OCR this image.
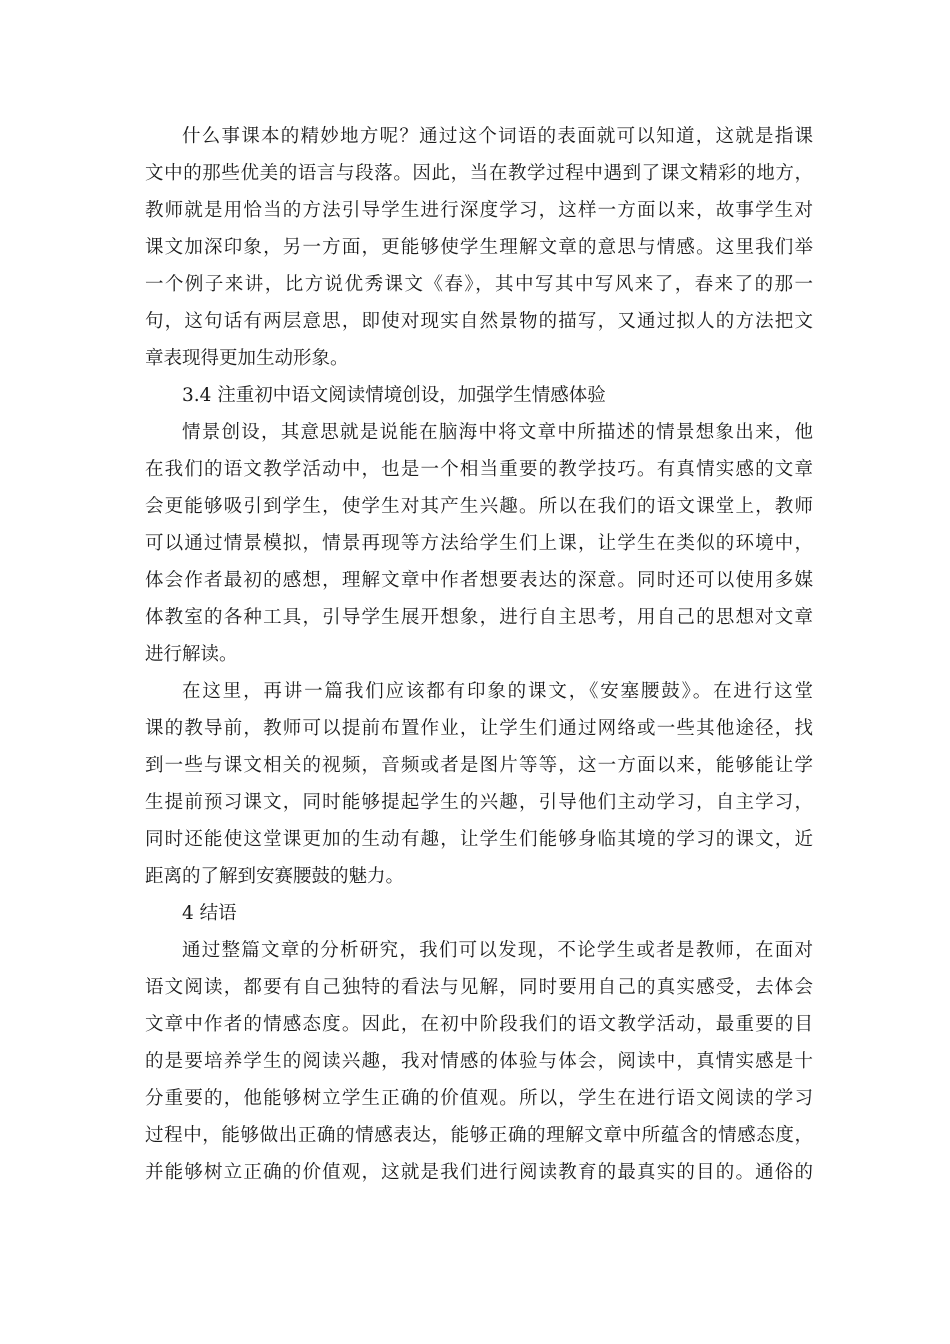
什么事课本的精妙地方呢？通过这个词语的表面就可以知道，这就是指课
文中的那些优美的语言与段落。因此，当在教学过程中遇到了课文精彩的地方，
教师就是用恰当的方法引导学生进行深度学习，这样一方面以来，故事学生对
课文加深印象，另一方面，更能够使学生理解文章的意思与情感。这里我们举
一个例子来讲，比方说优秀课文《春》，其中写其中写风来了，春来了的那一
句，这句话有两层意思，即使对现实自然景物的描写，又通过拟人的方法把文
章表现得更加生动形象。
3.4 注重初中语文阅读情境创设，加强学生情感体验
情景创设，其意思就是说能在脑海中将文章中所描述的情景想象出来，他
在我们的语文教学活动中，也是一个相当重要的教学技巧。有真情实感的文章
会更能够吸引到学生，使学生对其产生兴趣。所以在我们的语文课堂上，教师
可以通过情景模拟，情景再现等方法给学生们上课，让学生在类似的环境中，
体会作者最初的感想，理解文章中作者想要表达的深意。同时还可以使用多媒
体教室的各种工具，引导学生展开想象，进行自主思考，用自己的思想对文章
进行解读。
在这里，再讲一篇我们应该都有印象的课文，《安塞腰鼓》。在进行这堂
课的教导前，教师可以提前布置作业，让学生们通过网络或一些其他途径，找
到一些与课文相关的视频，音频或者是图片等等，这一方面以来，能够能让学
生提前预习课文，同时能够提起学生的兴趣，引导他们主动学习，自主学习，
同时还能使这堂课更加的生动有趣，让学生们能够身临其境的学习的课文，近
距离的了解到安赛腰鼓的魅力。
4 结语
通过整篇文章的分析研究，我们可以发现，不论学生或者是教师，在面对
语文阅读，都要有自己独特的看法与见解，同时要用自己的真实感受，去体会
文章中作者的情感态度。因此，在初中阶段我们的语文教学活动，最重要的目
的是要培养学生的阅读兴趣，我对情感的体验与体会，阅读中，真情实感是十
分重要的，他能够树立学生正确的价值观。所以，学生在进行语文阅读的学习
过程中，能够做出正确的情感表达，能够正确的理解文章中所蕴含的情感态度，
并能够树立正确的价值观，这就是我们进行阅读教育的最真实的目的。通俗的
